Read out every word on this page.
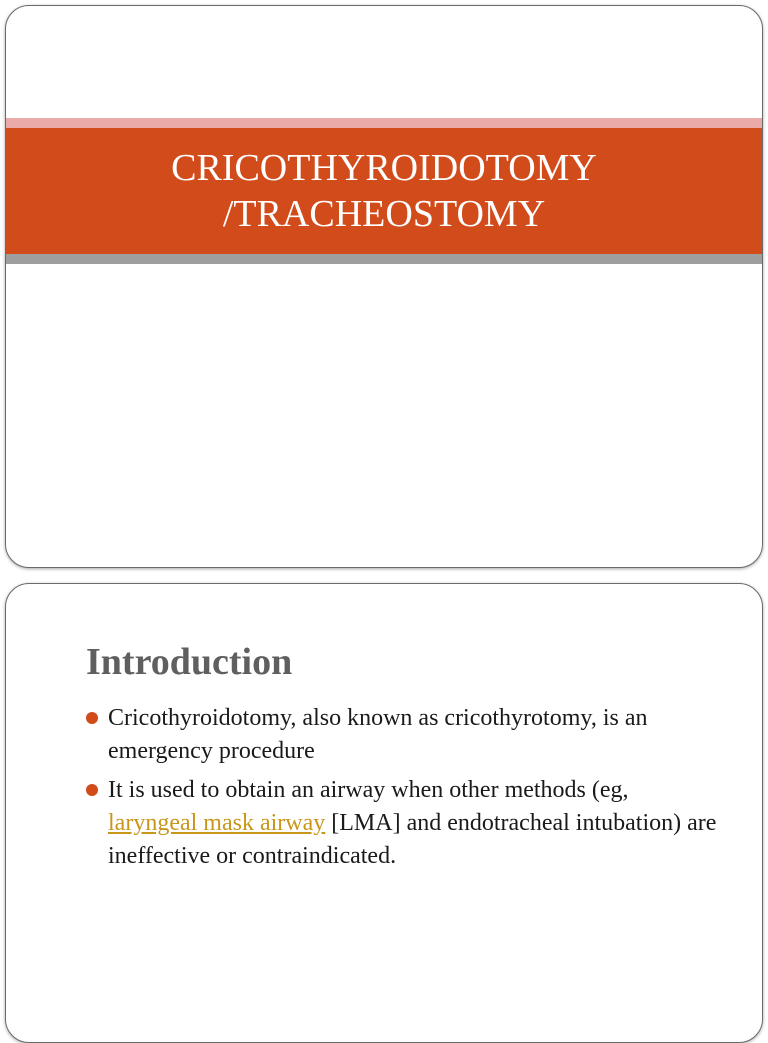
CRICOTHYROIDOTOMY
/TRACHEOSTOMY
Introduction
Cricothyroidotomy, also known as cricothyrotomy, is an emergency procedure
It is used to obtain an airway when other methods (eg, laryngeal mask airway [LMA] and endotracheal intubation) are ineffective or contraindicated.
